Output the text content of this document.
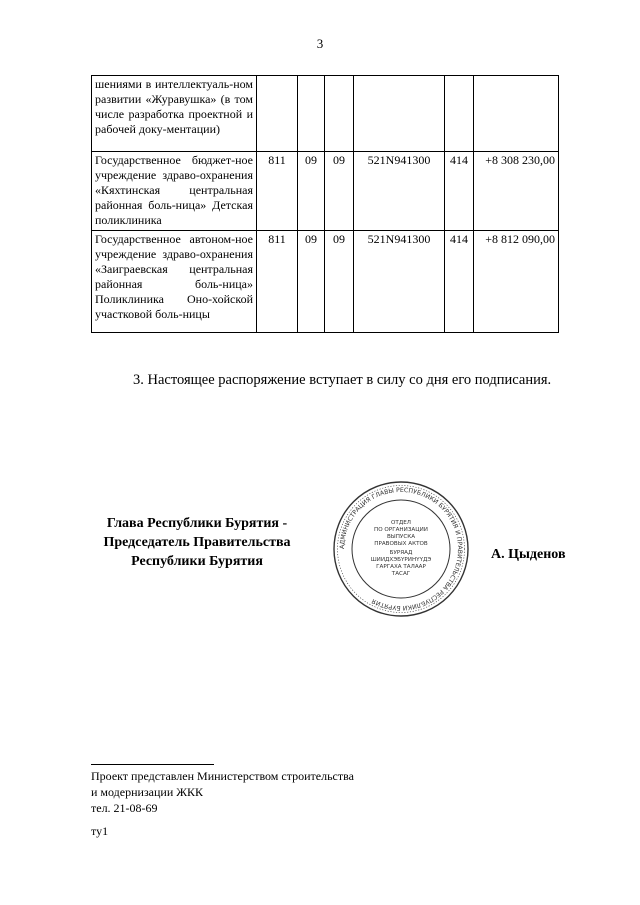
3
шениями в интеллектуаль-ном развитии «Журавушка» (в том числе разработка проектной и рабочей доку-ментации)						
Государственное бюджет-ное учреждение здраво-охранения «Кяхтинская центральная районная боль-ница» Детская поликлиника	811	09	09	521N941300	414	+8 308 230,00
Государственное автоном-ное учреждение здраво-охранения «Заиграевская центральная районная боль-ница» Поликлиника Оно-хойской участковой боль-ницы	811	09	09	521N941300	414	+8 812 090,00
3. Настоящее распоряжение вступает в силу со дня его подписания.
Глава Республики Бурятия -
Председатель Правительства
Республики Бурятия
АДМИНИСТРАЦИЯ ГЛАВЫ РЕСПУБЛИКИ БУРЯТИЯ И ПРАВИТЕЛЬСТВА РЕСПУБЛИКИ БУРЯТИЯ
ОТДЕЛ
ПО ОРГАНИЗАЦИИ
ВЫПУСКА
ПРАВОВЫХ АКТОВ
БУРЯАД
ШИИДХЭБҮРИНҮҮДЭ
ГАРГАХА ТАЛААР
ТАСАГ
А. Цыденов
Проект представлен Министерством строительства
и модернизации ЖКК
тел. 21-08-69
ту1
